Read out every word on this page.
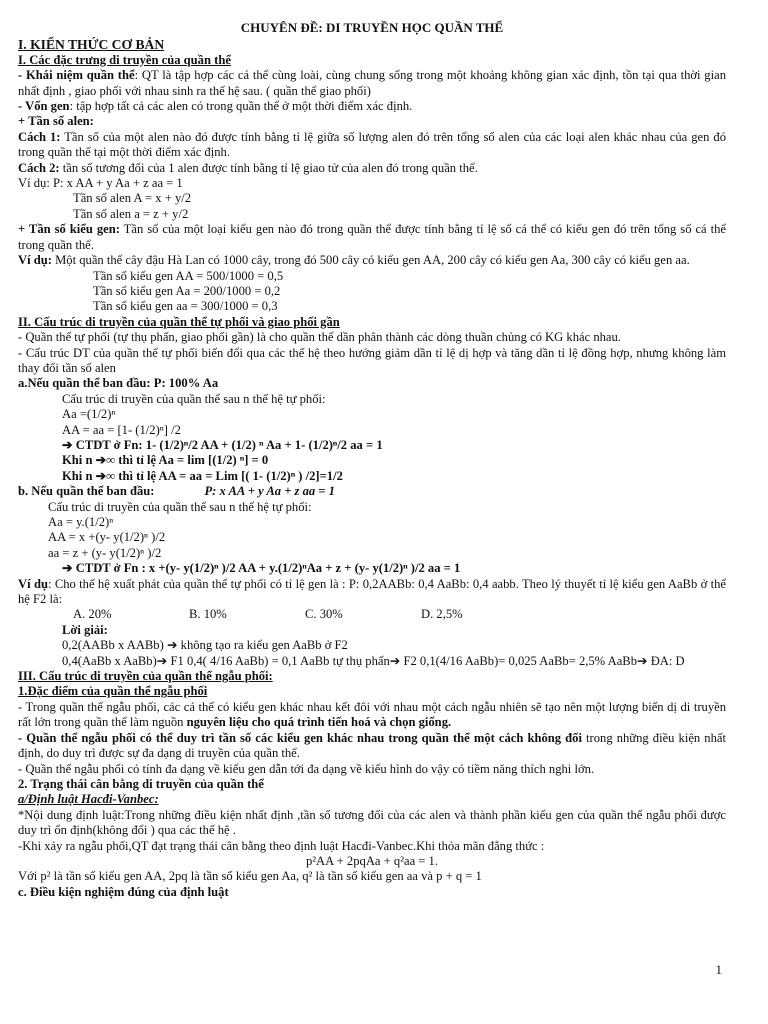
CHUYÊN ĐỀ: DI TRUYỀN HỌC QUẦN THỂ

I. KIẾN THỨC CƠ BẢN

I. Các đặc trưng di truyền của quần thể

- Khái niệm quần thể: QT là tập hợp các cá thể cùng loài, cùng chung sống trong một khoảng không gian xác định, tồn tại qua thời gian nhất định , giao phối với nhau sinh ra thế hệ sau. ( quần thể giao phối)

- Vốn gen: tập hợp tất cả các alen có trong quần thể ở một thời điểm xác định.

+ Tần số alen:

Cách 1: Tần số của một alen nào đó được tính bằng tỉ lệ giữa số lượng alen đó trên tổng số alen của các loại alen khác nhau của gen đó trong quần thể tại một thời điểm xác định.

Cách 2: tần số tương đối của 1 alen được tính bằng tỉ lệ giao tử của alen đó trong quần thể.

Ví dụ: P: x AA + y Aa + z aa = 1

Tần số alen A = x + y/2

Tần số alen a = z + y/2

+ Tần số kiểu gen: Tần số của một loại kiểu gen nào đó trong quần thể được tính bằng tỉ lệ số cá thể có kiểu gen đó trên tổng số cá thể trong quần thể.

Ví dụ: Một quần thể cây đậu Hà Lan có 1000 cây, trong đó 500 cây có kiểu gen AA, 200 cây có kiểu gen Aa, 300 cây có kiểu gen aa.

Tần số kiểu gen AA = 500/1000 = 0,5

Tần số kiểu gen Aa = 200/1000 = 0,2

Tần số kiểu gen aa = 300/1000 = 0,3

II. Cấu trúc di truyền của quần thể tự phối và giao phối gần

- Quần thể tự phối (tự thụ phấn, giao phối gần) là cho quần thể dần phân thành các dòng thuần chủng có KG khác nhau.

- Cấu trúc DT của quần thể tự phối biến đổi qua các thế hệ theo hướng giảm dần tỉ lệ dị hợp và tăng dần tỉ lệ đồng hợp, nhưng không làm thay đổi tần số alen

a.Nếu quần thể ban đầu: P: 100% Aa

Cấu trúc di truyền của quần thể sau n thế hệ tự phối:

Aa =(1/2)ⁿ

AA = aa = [1- (1/2)ⁿ] /2

➔ CTDT ở Fn: 1- (1/2)ⁿ/2 AA + (1/2) ⁿ Aa + 1- (1/2)ⁿ/2 aa = 1

Khi n ➔∞ thì tỉ lệ Aa = lim [(1/2) ⁿ] = 0

Khi n ➔∞ thì tỉ lệ AA = aa = Lim [( 1- (1/2)ⁿ ) /2]=1/2

b. Nếu quần thể ban đầu:	P: x AA + y Aa + z aa = 1

Cấu trúc di truyền của quần thể sau n thế hệ tự phối:

Aa = y.(1/2)ⁿ

AA = x +(y- y(1/2)ⁿ )/2

aa = z + (y- y(1/2)ⁿ )/2

➔ CTDT ở Fn : x +(y- y(1/2)ⁿ )/2 AA + y.(1/2)ⁿAa + z + (y- y(1/2)ⁿ )/2 aa = 1

Ví dụ: Cho thế hệ xuất phát của quần thể tự phối có tỉ lệ gen là : P: 0,2AABb: 0,4 AaBb: 0,4 aabb. Theo lý thuyết tỉ lệ kiểu gen AaBb ở thế hệ F2 là:

A. 20%	B. 10%	C. 30%	D. 2,5%

Lời giải:

0,2(AABb x AABb) ➔ không tạo ra kiểu gen AaBb ở F2

0,4(AaBb x AaBb)➔ F1 0,4( 4/16 AaBb) = 0,1 AaBb tự thụ phấn➔ F2 0,1(4/16 AaBb)= 0,025 AaBb= 2,5% AaBb➔ ĐA: D

III. Cấu trúc di truyền của quần thể ngẫu phối:

1.Đặc điểm của quần thể ngẫu phối

- Trong quần thể ngẫu phối, các cá thể có kiểu gen khác nhau kết đôi với nhau một cách ngẫu nhiên sẽ tạo nên một lượng biến dị di truyền rất lớn trong quần thể làm nguồn nguyên liệu cho quá trình tiến hoá và chọn giống.

- Quần thể ngẫu phối có thể duy trì tần số các kiểu gen khác nhau trong quần thể một cách không đổi trong những điều kiện nhất định, do duy trì được sự đa dạng di truyền của quần thể.

- Quần thể ngẫu phối có tính đa dạng về kiểu gen dẫn tới đa dạng về kiểu hình do vậy có tiềm năng thích nghi lớn.

2. Trạng thái cân bằng di truyền của quần thể

a/Định luật Hacđi-Vanbec:

*Nội dung định luật:Trong những điều kiện nhất định ,tần số tương đối của các alen và thành phần kiểu gen của quần thể ngẫu phối được duy trì ổn định(không đổi ) qua các thế hệ .

-Khi xảy ra ngẫu phối,QT đạt trạng thái cân bằng theo định luật Hacđi-Vanbec.Khi thỏa mãn đẳng thức :

p²AA + 2pqAa + q²aa = 1.

Với p² là tần số kiểu gen AA, 2pq là tần số kiểu gen Aa, q² là tần số kiểu gen aa và p + q = 1

c. Điều kiện nghiệm đúng của định luật

1
